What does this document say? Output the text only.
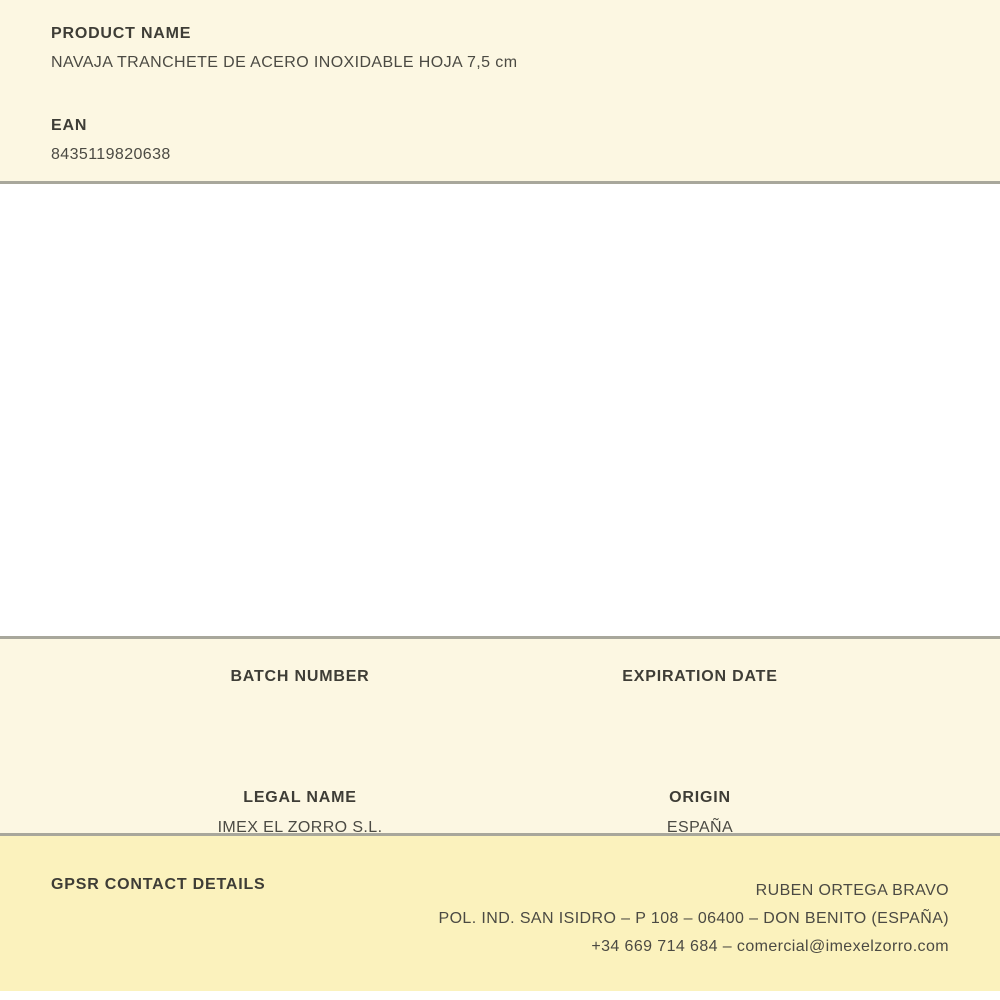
PRODUCT NAME
NAVAJA TRANCHETE DE ACERO INOXIDABLE HOJA 7,5 cm
EAN
8435119820638
BATCH NUMBER	EXPIRATION DATE
LEGAL NAME
IMEX EL ZORRO S.L.
ORIGIN
ESPAÑA
GPSR CONTACT DETAILS	RUBEN ORTEGA BRAVO
POL. IND. SAN ISIDRO – P 108 – 06400 – DON BENITO (ESPAÑA)
+34 669 714 684 – comercial@imexelzorro.com
